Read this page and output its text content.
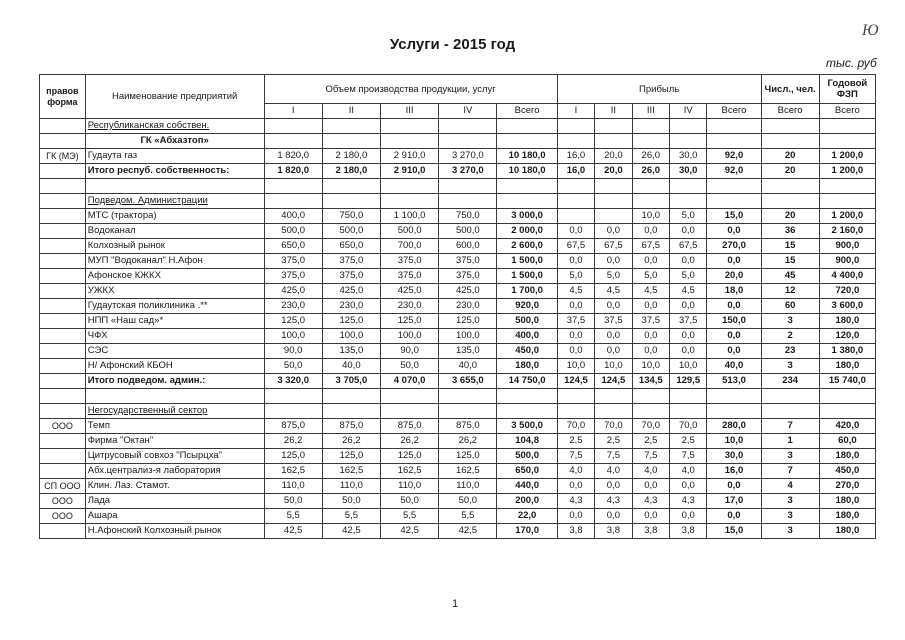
Ю
Услуги - 2015 год
тыс. руб
правов форма	Наименование предприятий	Объем производства продукции, услуг					Прибыль					Числ., чел.	Годовой ФЗП
		I	II	III	IV	Всего	I	II	III	IV	Всего	Всего	Всего
	Республиканская собствен.												
	ГК «Абхазтоп»												
ГК (МЭ)	Гудаута газ	1 820,0	2 180,0	2 910,0	3 270,0	10 180,0	16,0	20,0	26,0	30,0	92,0	20	1 200,0
	Итого респуб. собственность:	1 820,0	2 180,0	2 910,0	3 270,0	10 180,0	16,0	20,0	26,0	30,0	92,0	20	1 200,0

	Подведом. Администрации												
	МТС (трактора)	400,0	750,0	1 100,0	750,0	3 000,0			10,0	5,0	15,0	20	1 200,0
	Водоканал	500,0	500,0	500,0	500,0	2 000,0	0,0	0,0	0,0	0,0	0,0	36	2 160,0
	Колхозный рынок	650,0	650,0	700,0	600,0	2 600,0	67,5	67,5	67,5	67,5	270,0	15	900,0
	МУП "Водоканал" Н.Афон	375,0	375,0	375,0	375,0	1 500,0	0,0	0,0	0,0	0,0	0,0	15	900,0
	Афонское КЖКХ	375,0	375,0	375,0	375,0	1 500,0	5,0	5,0	5,0	5,0	20,0	45	4 400,0
	УЖКХ	425,0	425,0	425,0	425,0	1 700,0	4,5	4,5	4,5	4,5	18,0	12	720,0
	Гудаутская поликлиника .**	230,0	230,0	230,0	230,0	920,0	0,0	0,0	0,0	0,0	0,0	60	3 600,0
	НПП «Наш сад»*	125,0	125,0	125,0	125,0	500,0	37,5	37,5	37,5	37,5	150,0	3	180,0
	ЧФХ	100,0	100,0	100,0	100,0	400,0	0,0	0,0	0,0	0,0	0,0	2	120,0
	СЭС	90,0	135,0	90,0	135,0	450,0	0,0	0,0	0,0	0,0	0,0	23	1 380,0
	Н/ Афонский КБОН	50,0	40,0	50,0	40,0	180,0	10,0	10,0	10,0	10,0	40,0	3	180,0
	Итого подведом. админ.:	3 320,0	3 705,0	4 070,0	3 655,0	14 750,0	124,5	124,5	134,5	129,5	513,0	234	15 740,0

	Негосударственный сектор												
ООО	Темп	875,0	875,0	875,0	875,0	3 500,0	70,0	70,0	70,0	70,0	280,0	7	420,0
	Фирма "Октан"	26,2	26,2	26,2	26,2	104,8	2,5	2,5	2,5	2,5	10,0	1	60,0
	Цитрусовый совхоз "Псырцха"	125,0	125,0	125,0	125,0	500,0	7,5	7,5	7,5	7,5	30,0	3	180,0
	Абх.централиз-я лаборатория	162,5	162,5	162,5	162,5	650,0	4,0	4,0	4,0	4,0	16,0	7	450,0
СП ООО	Клин. Лаз. Стамот.	110,0	110,0	110,0	110,0	440,0	0,0	0,0	0,0	0,0	0,0	4	270,0
ООО	Лада	50,0	50,0	50,0	50,0	200,0	4,3	4,3	4,3	4,3	17,0	3	180,0
ООО	Ашара	5,5	5,5	5,5	5,5	22,0	0,0	0,0	0,0	0,0	0,0	3	180,0
	Н.Афонский Колхозный рынок	42,5	42,5	42,5	42,5	170,0	3,8	3,8	3,8	3,8	15,0	3	180,0
1
